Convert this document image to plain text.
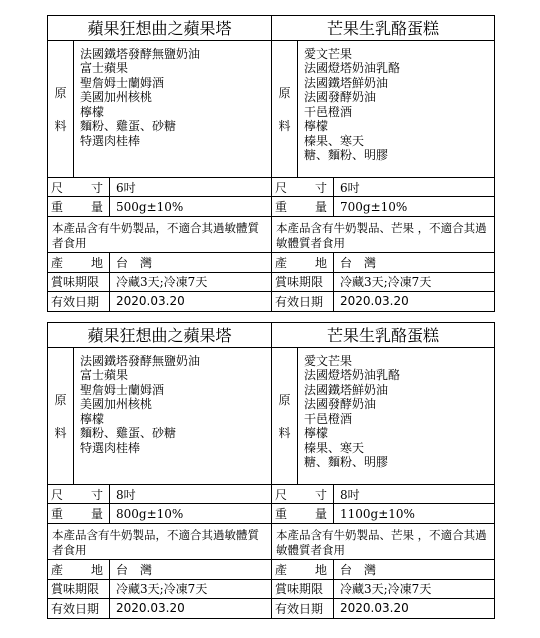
蘋果狂想曲之蘋果塔
原
料
法國鐵塔發酵無鹽奶油
富士蘋果
聖詹姆士蘭姆酒
美國加州核桃
檸檬
麵粉、雞蛋、砂糖
特選肉桂棒
尺 寸	6吋
重 量	500g±10%
本產品含有牛奶製品，不適合其過敏體質者食用
產 地	台　灣
賞味期限	冷藏3天;冷凍7天
有效日期	2020.03.20
芒果生乳酪蛋糕
原
料
愛文芒果
法國燈塔奶油乳酪
法國鐵塔鮮奶油
法國發酵奶油
干邑橙酒
檸檬
榛果、寒天
糖、麵粉、明膠
尺 寸	6吋
重 量	700g±10%
本產品含有牛奶製品、芒果 ，不適合其過敏體質者食用
產 地	台　灣
賞味期限	冷藏3天;冷凍7天
有效日期	2020.03.20
蘋果狂想曲之蘋果塔
原
料
法國鐵塔發酵無鹽奶油
富士蘋果
聖詹姆士蘭姆酒
美國加州核桃
檸檬
麵粉、雞蛋、砂糖
特選肉桂棒
尺 寸	8吋
重 量	800g±10%
本產品含有牛奶製品，不適合其過敏體質者食用
產 地	台　灣
賞味期限	冷藏3天;冷凍7天
有效日期	2020.03.20
芒果生乳酪蛋糕
原
料
愛文芒果
法國燈塔奶油乳酪
法國鐵塔鮮奶油
法國發酵奶油
干邑橙酒
檸檬
榛果、寒天
糖、麵粉、明膠
尺 寸	8吋
重 量	1100g±10%
本產品含有牛奶製品、芒果 ，不適合其過敏體質者食用
產 地	台　灣
賞味期限	冷藏3天;冷凍7天
有效日期	2020.03.20
